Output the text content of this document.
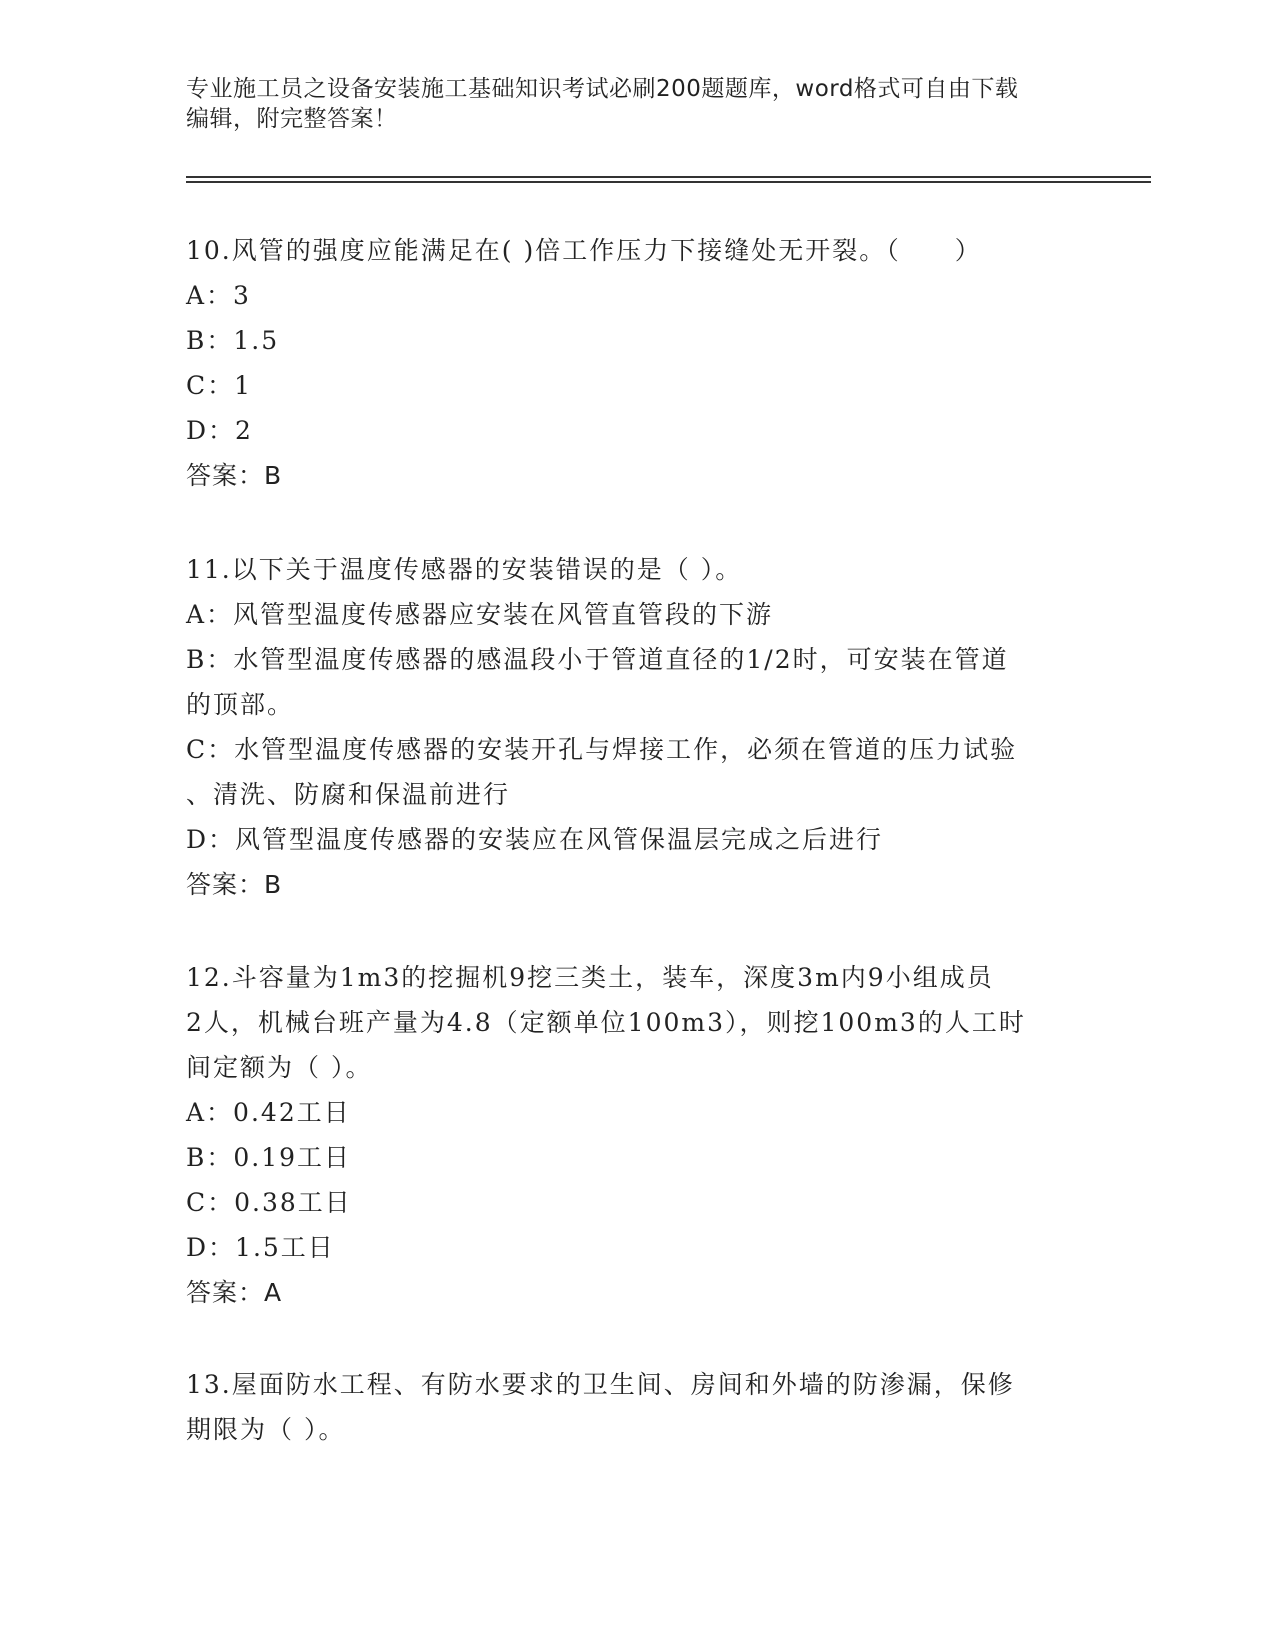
专业施工员之设备安装施工基础知识考试必刷200题题库，word格式可自由下载
编辑，附完整答案！
10.风管的强度应能满足在( )倍工作压力下接缝处无开裂。（　　）
A：3
B：1.5
C：1
D：2
答案：B
11.以下关于温度传感器的安装错误的是（ ）。
A：风管型温度传感器应安装在风管直管段的下游
B：水管型温度传感器的感温段小于管道直径的1/2时，可安装在管道
的顶部。
C：水管型温度传感器的安装开孔与焊接工作，必须在管道的压力试验
、清洗、防腐和保温前进行
D：风管型温度传感器的安装应在风管保温层完成之后进行
答案：B
12.斗容量为1m3的挖掘机9挖三类土，装车，深度3m内9小组成员
2人，机械台班产量为4.8（定额单位100m3），则挖100m3的人工时
间定额为（ ）。
A：0.42工日
B：0.19工日
C：0.38工日
D：1.5工日
答案：A
13.屋面防水工程、有防水要求的卫生间、房间和外墙的防渗漏，保修
期限为（ ）。
